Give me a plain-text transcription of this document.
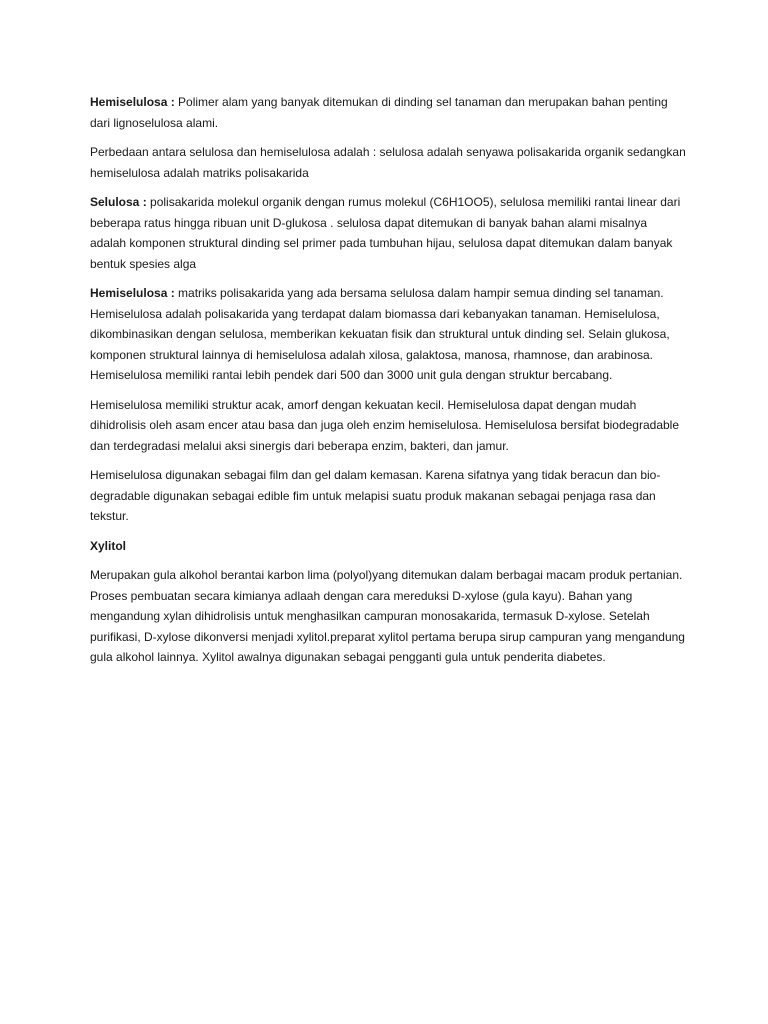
Hemiselulosa : Polimer alam yang banyak ditemukan di dinding sel tanaman dan merupakan bahan penting dari lignoselulosa alami.

Perbedaan antara selulosa dan hemiselulosa adalah : selulosa adalah senyawa polisakarida organik sedangkan hemiselulosa adalah matriks polisakarida

Selulosa : polisakarida molekul organik dengan rumus molekul (C6H1OO5), selulosa memiliki rantai linear dari beberapa ratus hingga ribuan unit D-glukosa . selulosa dapat ditemukan di banyak bahan alami misalnya adalah komponen struktural dinding sel primer pada tumbuhan hijau, selulosa dapat ditemukan dalam banyak bentuk spesies alga

Hemiselulosa : matriks polisakarida yang ada bersama selulosa dalam hampir semua dinding sel tanaman. Hemiselulosa adalah polisakarida yang terdapat dalam biomassa dari kebanyakan tanaman. Hemiselulosa, dikombinasikan dengan selulosa, memberikan kekuatan fisik dan struktural untuk dinding sel. Selain glukosa, komponen struktural lainnya di hemiselulosa adalah xilosa, galaktosa, manosa, rhamnose, dan arabinosa. Hemiselulosa memiliki rantai lebih pendek dari 500 dan 3000 unit gula dengan struktur bercabang.

Hemiselulosa memiliki struktur acak, amorf dengan kekuatan kecil. Hemiselulosa dapat dengan mudah dihidrolisis oleh asam encer atau basa dan juga oleh enzim hemiselulosa. Hemiselulosa bersifat biodegradable dan terdegradasi melalui aksi sinergis dari beberapa enzim, bakteri, dan jamur.

Hemiselulosa digunakan sebagai film dan gel dalam kemasan. Karena sifatnya yang tidak beracun dan bio-degradable digunakan sebagai edible fim untuk melapisi suatu produk makanan sebagai penjaga rasa dan tekstur.

Xylitol

Merupakan gula alkohol berantai karbon lima (polyol)yang ditemukan dalam berbagai macam produk pertanian. Proses pembuatan secara kimianya adlaah dengan cara mereduksi D-xylose (gula kayu). Bahan yang mengandung xylan dihidrolisis untuk menghasilkan campuran monosakarida, termasuk D-xylose. Setelah purifikasi, D-xylose dikonversi menjadi xylitol.preparat xylitol pertama berupa sirup campuran yang mengandung gula alkohol lainnya. Xylitol awalnya digunakan sebagai pengganti gula untuk penderita diabetes.
